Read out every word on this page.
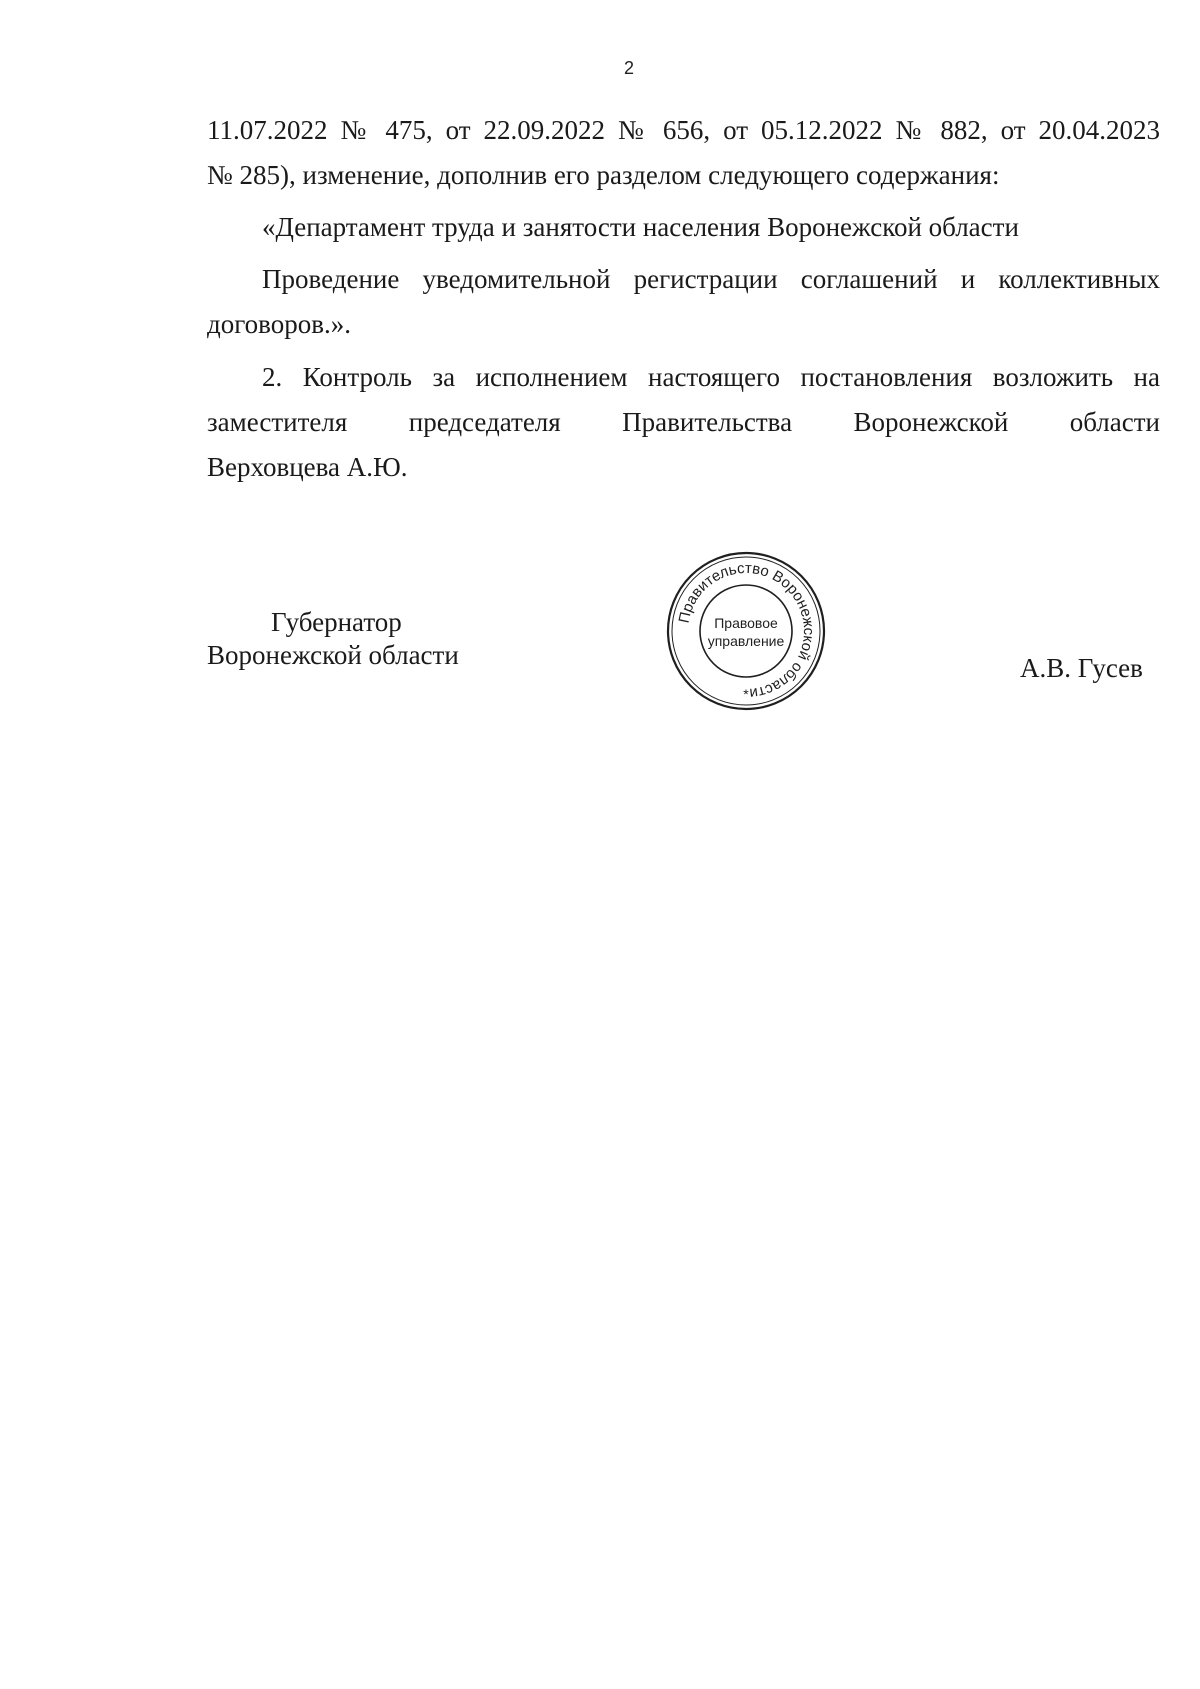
2

11.07.2022 № 475, от 22.09.2022 № 656, от 05.12.2022 № 882, от 20.04.2023

№ 285), изменение, дополнив его разделом следующего содержания:

«Департамент труда и занятости населения Воронежской области

Проведение уведомительной регистрации соглашений и коллективных договоров.».

2. Контроль за исполнением настоящего постановления возложить на

заместителя председателя Правительства Воронежской области

Верховцева А.Ю.

Губернатор
Воронежской области
Правительство Воронежской области
Правовое
управление
*
А.В. Гусев
